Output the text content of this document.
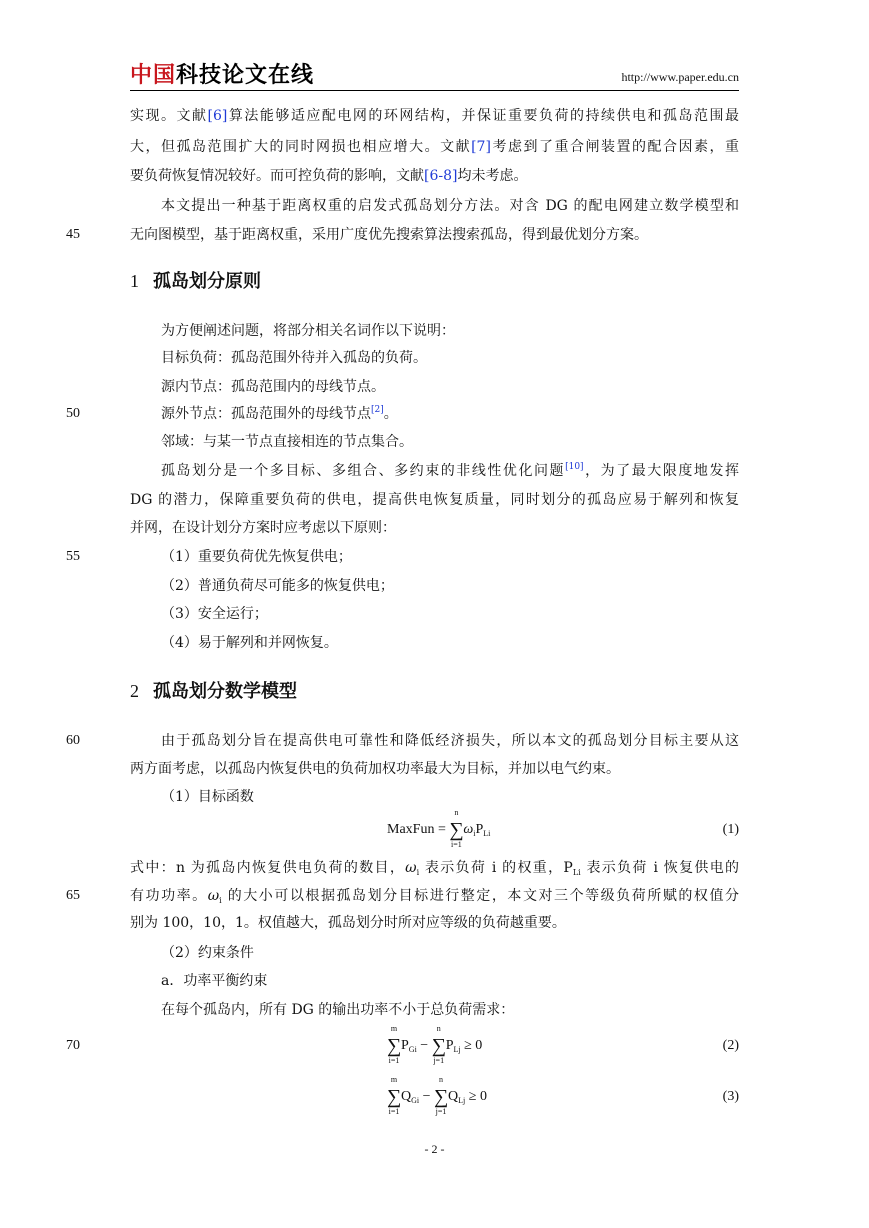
中国科技论文在线	http://www.paper.edu.cn
实现。文献[6]算法能够适应配电网的环网结构，并保证重要负荷的持续供电和孤岛范围最
大，但孤岛范围扩大的同时网损也相应增大。文献[7]考虑到了重合闸装置的配合因素，重
要负荷恢复情况较好。而可控负荷的影响，文献[6-8]均未考虑。
本文提出一种基于距离权重的启发式孤岛划分方法。对含 DG 的配电网建立数学模型和
无向图模型，基于距离权重，采用广度优先搜索算法搜索孤岛，得到最优划分方案。
45
1 孤岛划分原则
为方便阐述问题，将部分相关名词作以下说明：
目标负荷：孤岛范围外待并入孤岛的负荷。
源内节点：孤岛范围内的母线节点。
源外节点：孤岛范围外的母线节点[2]。
50
邻域：与某一节点直接相连的节点集合。
孤岛划分是一个多目标、多组合、多约束的非线性优化问题[10]，为了最大限度地发挥
DG 的潜力，保障重要负荷的供电，提高供电恢复质量，同时划分的孤岛应易于解列和恢复
并网，在设计划分方案时应考虑以下原则：
（1）重要负荷优先恢复供电；
55
（2）普通负荷尽可能多的恢复供电；
（3）安全运行；
（4）易于解列和并网恢复。
2 孤岛划分数学模型
由于孤岛划分旨在提高供电可靠性和降低经济损失，所以本文的孤岛划分目标主要从这
60
两方面考虑，以孤岛内恢复供电的负荷加权功率最大为目标，并加以电气约束。
（1）目标函数
MaxFun = ∑
n
i=1
$\omega_iP_{Li}$	(1)
式中：n 为孤岛内恢复供电负荷的数目，$\omega_i$ 表示负荷 i 的权重，$P_{Li}$ 表示负荷 i 恢复供电的
有功功率。$\omega_i$ 的大小可以根据孤岛划分目标进行整定，本文对三个等级负荷所赋的权值分
65
别为 100，10，1。权值越大，孤岛划分时所对应等级的负荷越重要。
（2）约束条件
a．功率平衡约束
在每个孤岛内，所有 DG 的输出功率不小于总负荷需求：
∑
m
i=1
$P_{Gi}$ − ∑
n
j=1
$P_{Lj} \ge 0$	(2)
70
∑
m
i=1
$Q_{Gi}$ − ∑
n
j=1
$Q_{Lj} \ge 0$	(3)
- 2 -
